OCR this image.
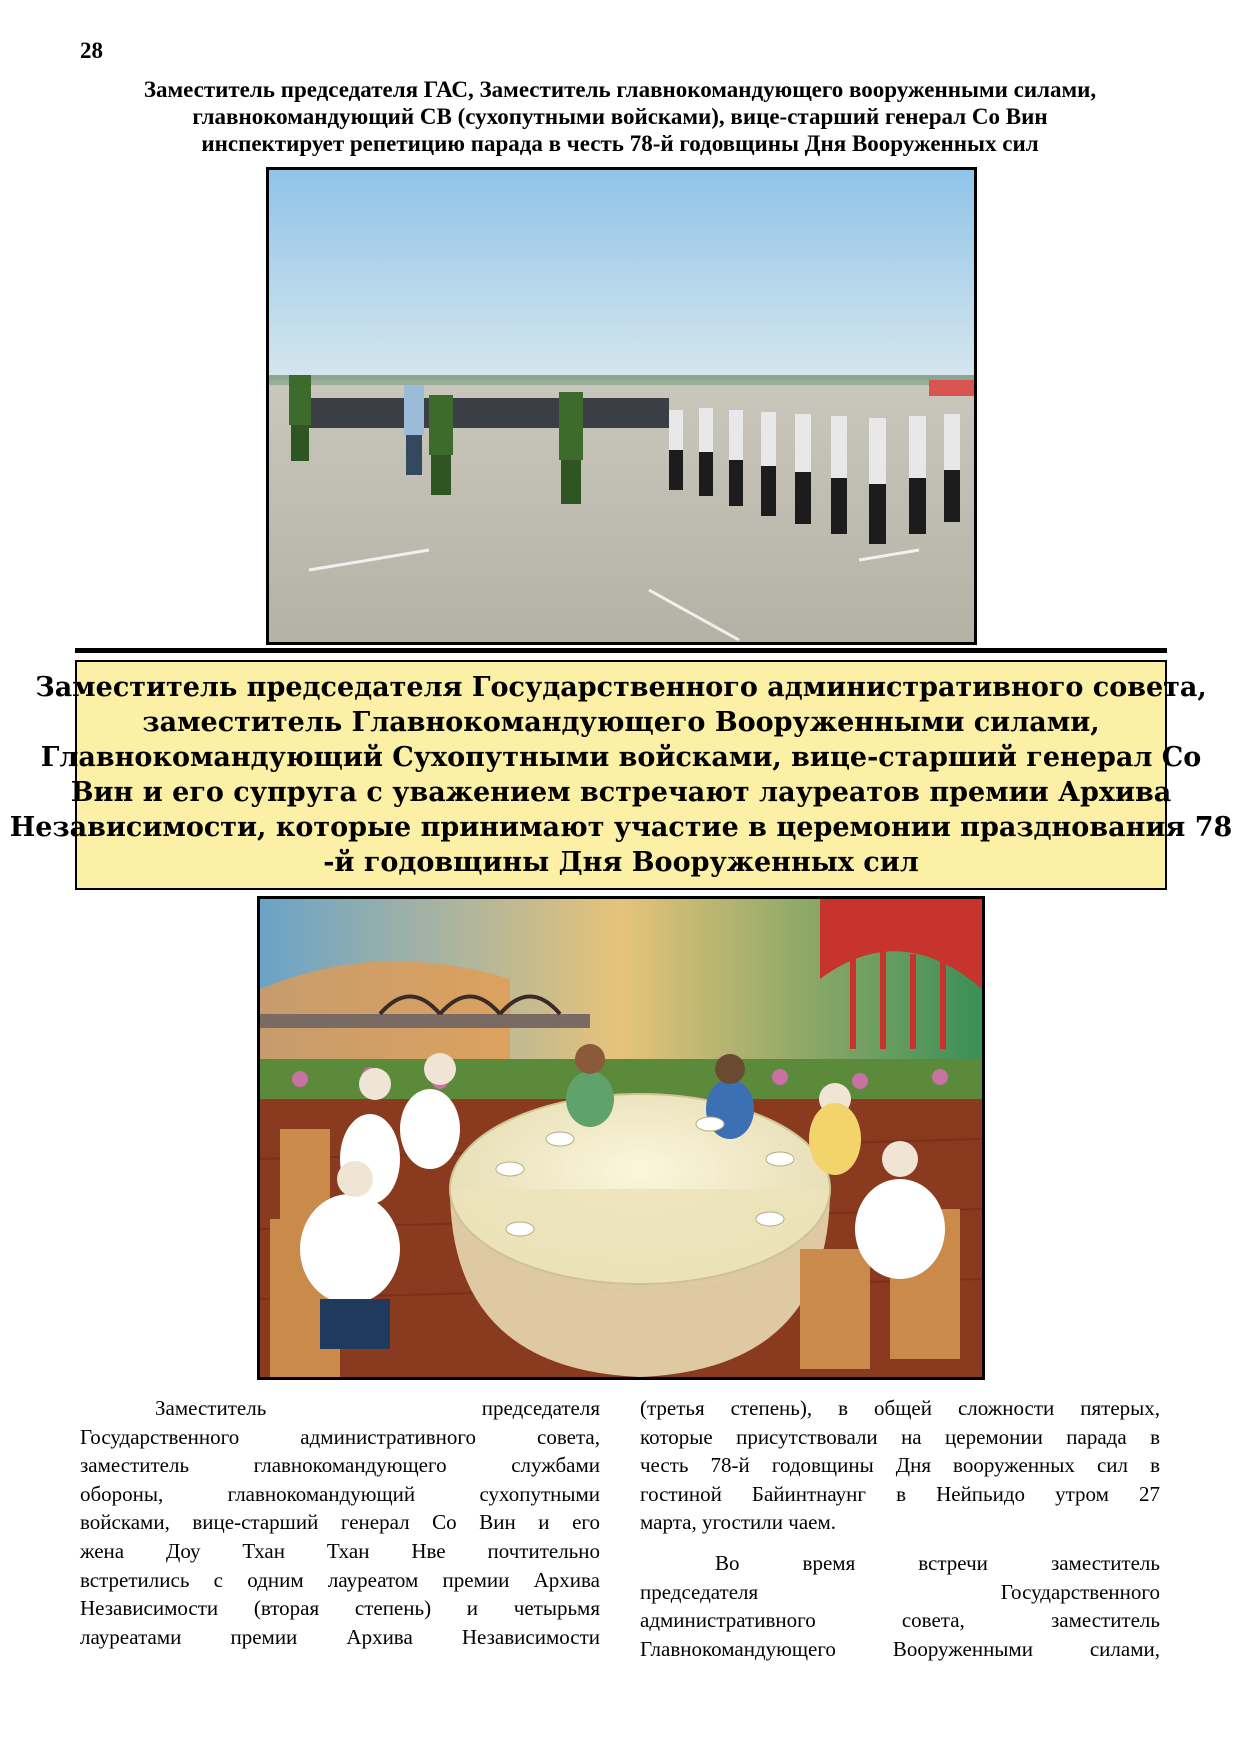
28
Заместитель председателя ГАС, Заместитель главнокомандующего вооруженными силами,
главнокомандующий СВ (сухопутными войсками), вице-старший генерал Со Вин
инспектирует репетицию парада в честь 78-й годовщины Дня Вооруженных сил
Заместитель председателя Государственного административного совета,
заместитель Главнокомандующего Вооруженными силами,
Главнокомандующий Сухопутными войсками, вице-старший генерал Со
Вин и его супруга с уважением встречают лауреатов премии Архива
Независимости, которые принимают участие в церемонии празднования 78
-й годовщины Дня Вооруженных сил

Заместитель председателя
Государственного административного совета,
заместитель главнокомандующего службами
обороны, главнокомандующий сухопутными
войсками, вице-старший генерал Со Вин и его
жена Доу Тхан Тхан Нве почтительно
встретились с одним лауреатом премии Архива
Независимости (вторая степень) и четырьмя
лауреатами премии Архива Независимости

(третья степень), в общей сложности пятерых,
которые присутствовали на церемонии парада в
честь 78-й годовщины Дня вооруженных сил в
гостиной Байинтнаунг в Нейпьидо утром 27
марта, угостили чаем.

Во время встречи заместитель
председателя Государственного
административного совета, заместитель
Главнокомандующего Вооруженными силами,
